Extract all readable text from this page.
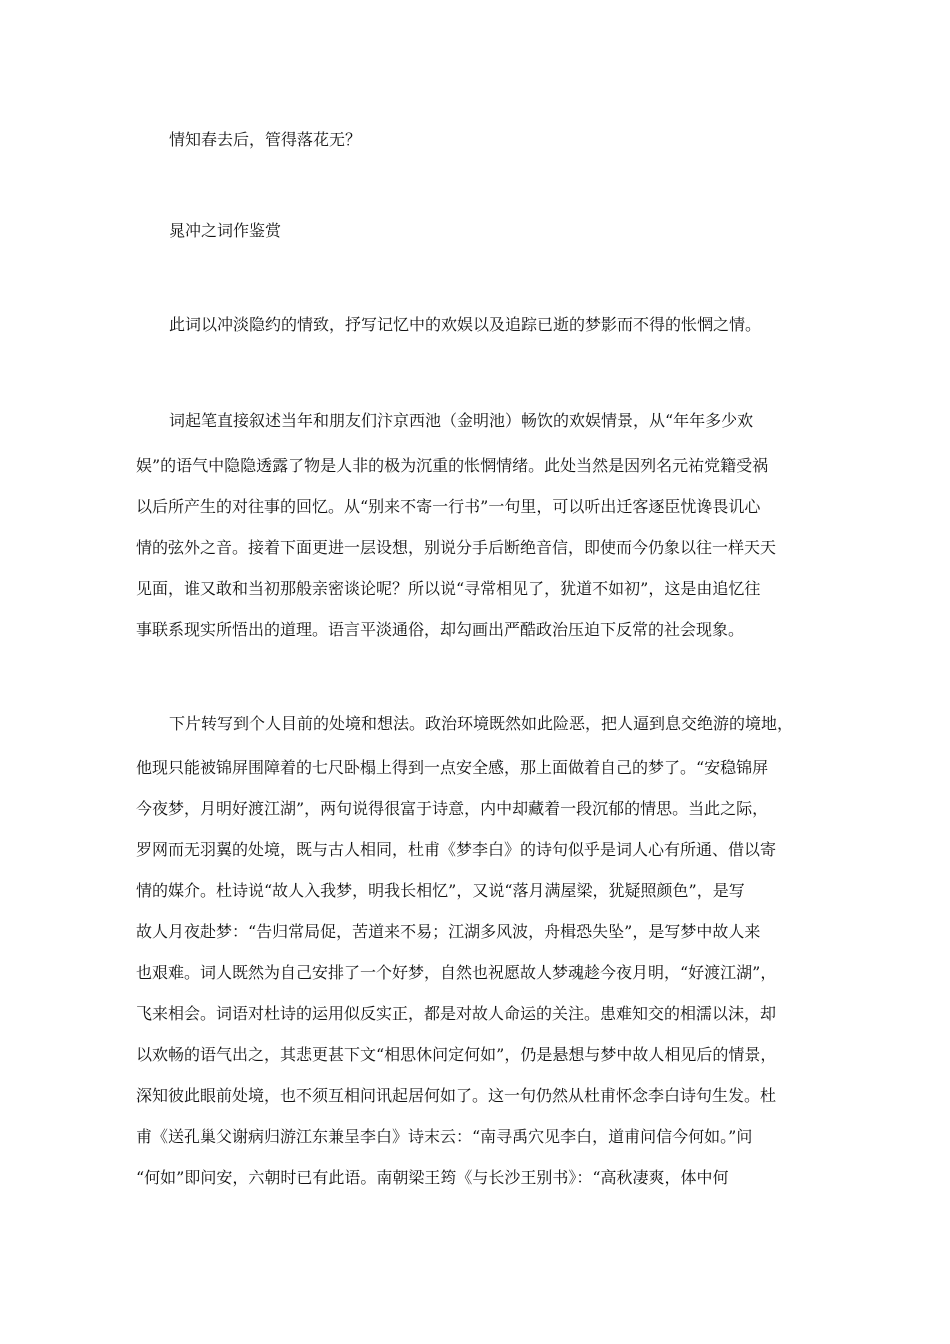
情知春去后，管得落花无？

晁冲之词作鉴赏

此词以冲淡隐约的情致，抒写记忆中的欢娱以及追踪已逝的梦影而不得的怅惘之情。

词起笔直接叙述当年和朋友们汴京西池（金明池）畅饮的欢娱情景，从“年年多少欢

娱”的语气中隐隐透露了物是人非的极为沉重的怅惘情绪。此处当然是因列名元祐党籍受祸

以后所产生的对往事的回忆。从“别来不寄一行书”一句里，可以听出迁客逐臣忧谗畏讥心

情的弦外之音。接着下面更进一层设想，别说分手后断绝音信，即使而今仍象以往一样天天

见面，谁又敢和当初那般亲密谈论呢？所以说“寻常相见了，犹道不如初”，这是由追忆往

事联系现实所悟出的道理。语言平淡通俗，却勾画出严酷政治压迫下反常的社会现象。

下片转写到个人目前的处境和想法。政治环境既然如此险恶，把人逼到息交绝游的境地，

他现只能被锦屏围障着的七尺卧榻上得到一点安全感，那上面做着自己的梦了。“安稳锦屏

今夜梦，月明好渡江湖”，两句说得很富于诗意，内中却藏着一段沉郁的情思。当此之际，

罗网而无羽翼的处境，既与古人相同，杜甫《梦李白》的诗句似乎是词人心有所通、借以寄

情的媒介。杜诗说“故人入我梦，明我长相忆”，又说“落月满屋梁，犹疑照颜色”，是写

故人月夜赴梦：“告归常局促，苦道来不易；江湖多风波，舟楫恐失坠”，是写梦中故人来

也艰难。词人既然为自己安排了一个好梦，自然也祝愿故人梦魂趁今夜月明，“好渡江湖”，

飞来相会。词语对杜诗的运用似反实正，都是对故人命运的关注。患难知交的相濡以沫，却

以欢畅的语气出之，其悲更甚下文“相思休问定何如”，仍是悬想与梦中故人相见后的情景，

深知彼此眼前处境，也不须互相问讯起居何如了。这一句仍然从杜甫怀念李白诗句生发。杜

甫《送孔巢父谢病归游江东兼呈李白》诗末云：“南寻禹穴见李白，道甫问信今何如。”问

“何如”即问安，六朝时已有此语。南朝梁王筠《与长沙王别书》：“高秋凄爽，体中何
